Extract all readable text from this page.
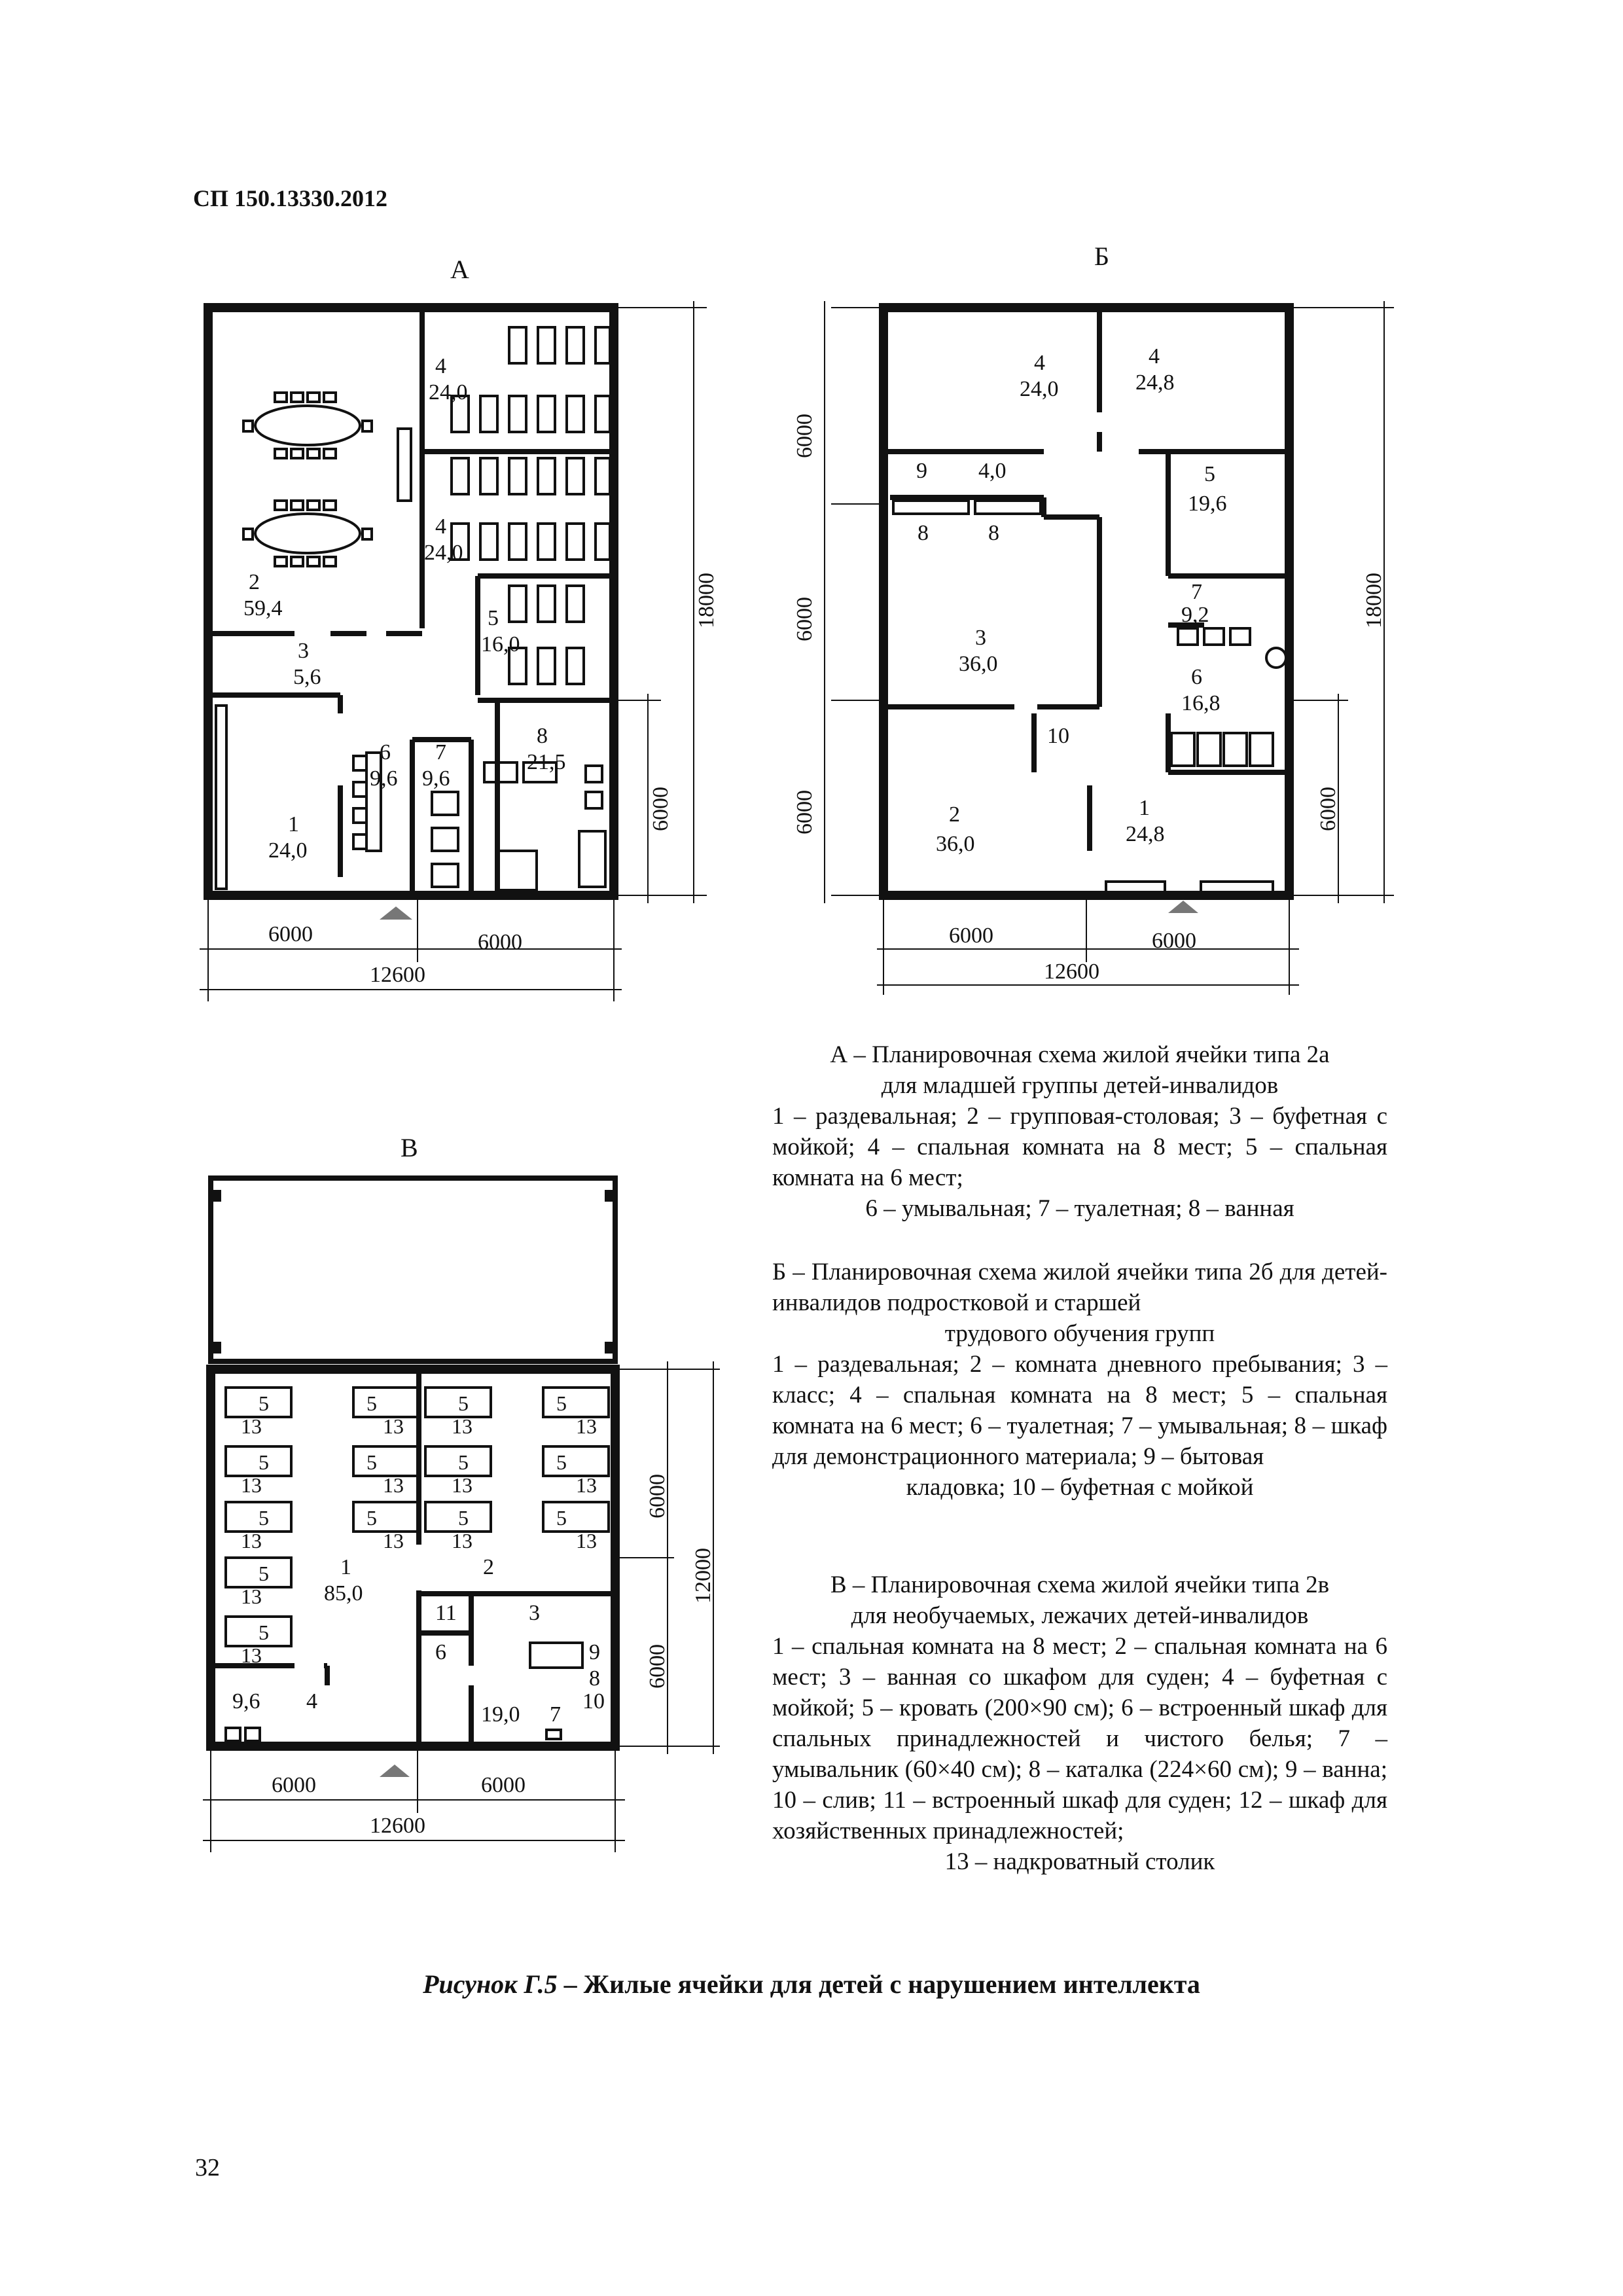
СП 150.13330.2012
А	Б
В
4
24,0
2
59,4
4
24,0
5
16,0
3
5,6
6
9,6
7
9,6
8
21,5
1
24,0
6000	6000
12600
18000
6000
4
24,0
4
24,8
9 4,0	5
19,6
8	8
3
36,0
7
9,2
6
16,8
10
2
36,0
1
24,8
6000
6000
6000
18000
6000
6000	6000
12600
5	5	5	5
5	5	5	5
5	5	5	5
5
5
13	13 13	13
13	13 13	13
13	13 13	13
13
13
1
85,0
2
11	3
6	9
8
10
7
4
9,6
19,0
6000
6000
12000
6000	6000
12600

А – Планировочная схема жилой ячейки типа 2а

для младшей группы детей-инвалидов

1 – раздевальная; 2 – групповая-столовая; 3 – буфетная с мойкой; 4 – спальная комната на 8 мест; 5 – спальная комната на 6 мест;

6 – умывальная; 7 – туалетная; 8 – ванная

Б – Планировочная схема жилой ячейки типа 2б для детей-инвалидов подростковой и старшей

трудового обучения групп

1 – раздевальная; 2 – комната дневного пребывания; 3 – класс; 4 – спальная комната на 8 мест; 5 – спальная комната на 6 мест; 6 – туалетная; 7 – умывальная; 8 – шкаф для демонстрационного материала; 9 – бытовая

кладовка; 10 – буфетная с мойкой

В – Планировочная схема жилой ячейки типа 2в

для необучаемых, лежачих детей-инвалидов

1 – спальная комната на 8 мест; 2 – спальная комната на 6 мест; 3 – ванная со шкафом для суден; 4 – буфетная с мойкой; 5 – кровать (200×90 см); 6 – встроенный шкаф для спальных принадлежностей и чистого белья; 7 – умывальник (60×40 см); 8 – каталка (224×60 см); 9 – ванна; 10 – слив; 11 – встроенный шкаф для суден; 12 – шкаф для хозяйственных принадлежностей;

13 – надкроватный столик

Рисунок Г.5 – Жилые ячейки для детей с нарушением интеллекта
32
